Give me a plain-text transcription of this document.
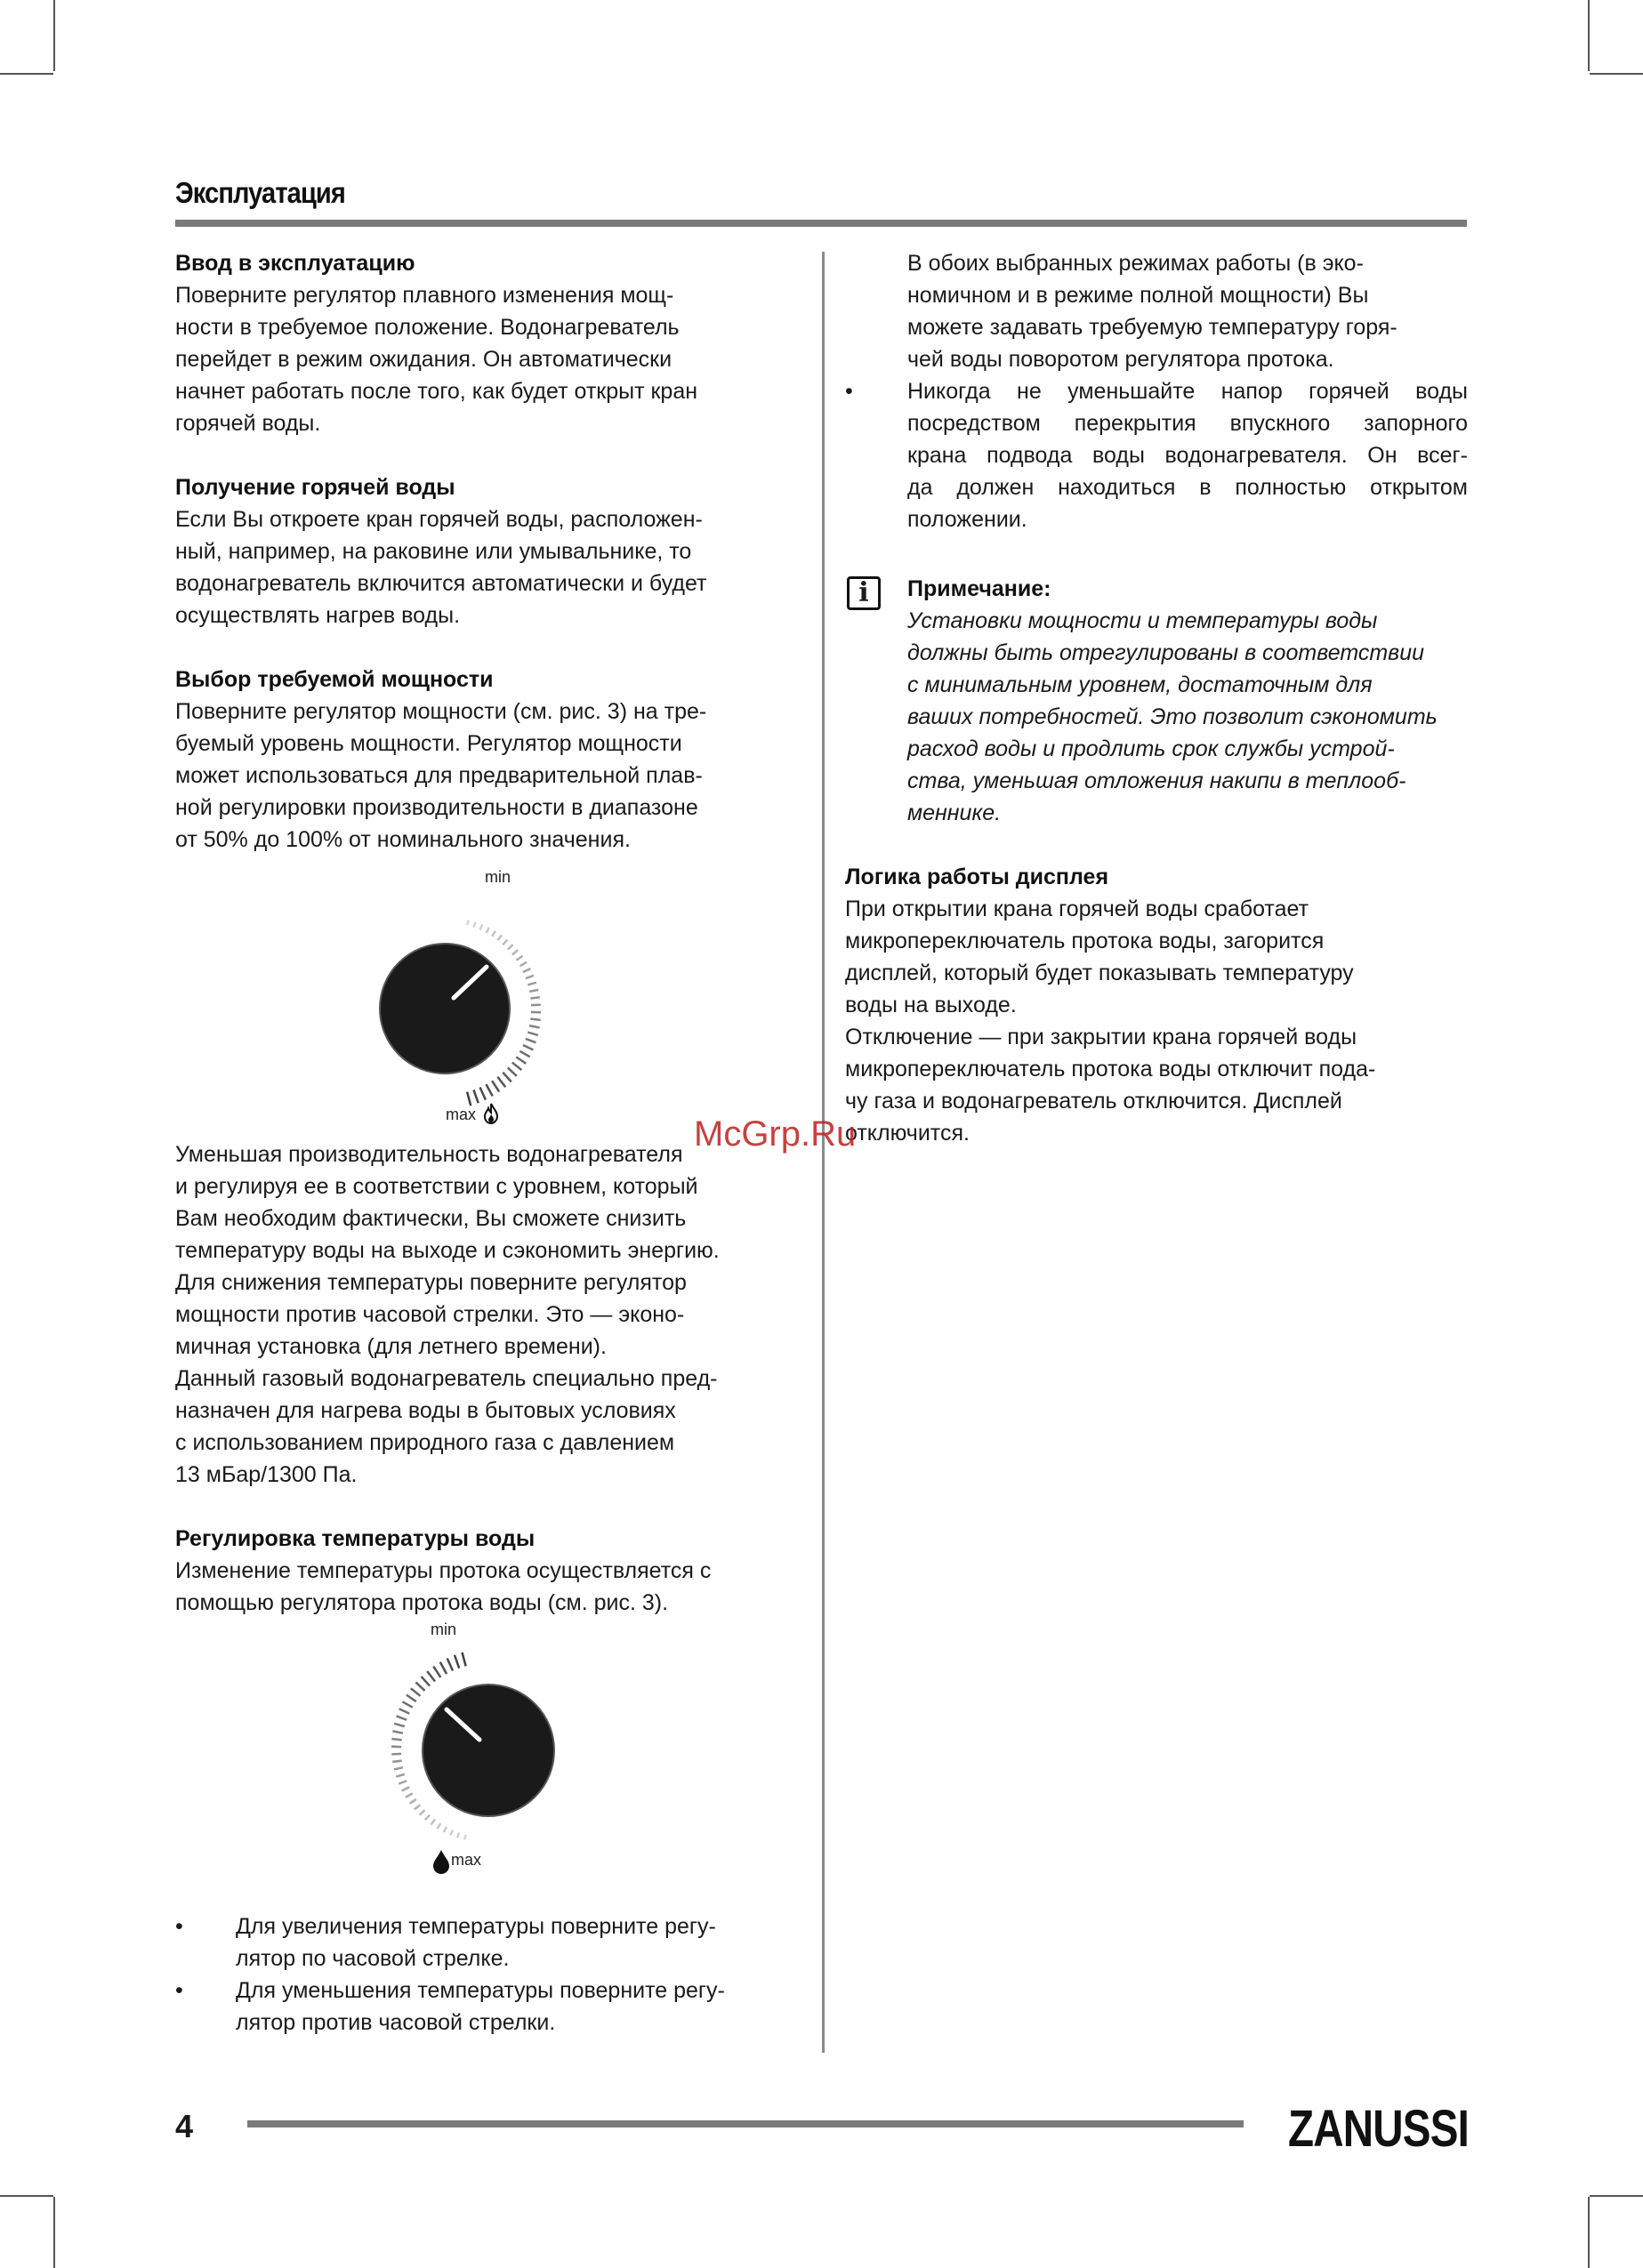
Эксплуатация

Ввод в эксплуатацию

Поверните регулятор плавного изменения мощ-
ности в требуемое положение. Водонагреватель
перейдет в режим ожидания. Он автоматически
начнет работать после того, как будет открыт кран
горячей воды.

Получение горячей воды

Если Вы откроете кран горячей воды, расположен-
ный, например, на раковине или умывальнике, то
водонагреватель включится автоматически и будет
осуществлять нагрев воды.

Выбор требуемой мощности

Поверните регулятор мощности (см. рис. 3) на тре-
буемый уровень мощности. Регулятор мощности
может использоваться для предварительной плав-
ной регулировки производительности в диапазоне
от 50% до 100% от номинального значения.
min
max
Уменьшая производительность водонагревателя
и регулируя ее в соответствии с уровнем, который
Вам необходим фактически, Вы сможете снизить
температуру воды на выходе и сэкономить энергию.
Для снижения температуры поверните регулятор
мощности против часовой стрелки. Это — эконо-
мичная установка (для летнего времени).
Данный газовый водонагреватель специально пред-
назначен для нагрева воды в бытовых условиях
с использованием природного газа с давлением
13 мБар/1300 Па.

Регулировка температуры воды

Изменение температуры протока осуществляется с
помощью регулятора протока воды (см. рис. 3).
min
max
• Для увеличения температуры поверните регу-
лятор по часовой стрелке.
• Для уменьшения температуры поверните регу-
лятор против часовой стрелки.
В обоих выбранных режимах работы (в эко-
номичном и в режиме полной мощности) Вы
можете задавать требуемую температуру горя-
чей воды поворотом регулятора протока.
• Никогда не уменьшайте напор горячей воды
посредством перекрытия впускного запорного
крана подвода воды водонагревателя. Он всег-
да должен находиться в полностью открытом
положении.
i	Примечание:

Установки мощности и температуры воды
должны быть отрегулированы в соответствии
с минимальным уровнем, достаточным для
ваших потребностей. Это позволит сэкономить
расход воды и продлить срок службы устрой-
ства, уменьшая отложения накипи в теплооб-
меннике.

Логика работы дисплея

При открытии крана горячей воды сработает
микропереключатель протока воды, загорится
дисплей, который будет показывать температуру
воды на выходе.
Отключение — при закрытии крана горячей воды
микропереключатель протока воды отключит пода-
чу газа и водонагреватель отключится. Дисплей
отключится.
McGrp.Ru
4	ZANUSSI
